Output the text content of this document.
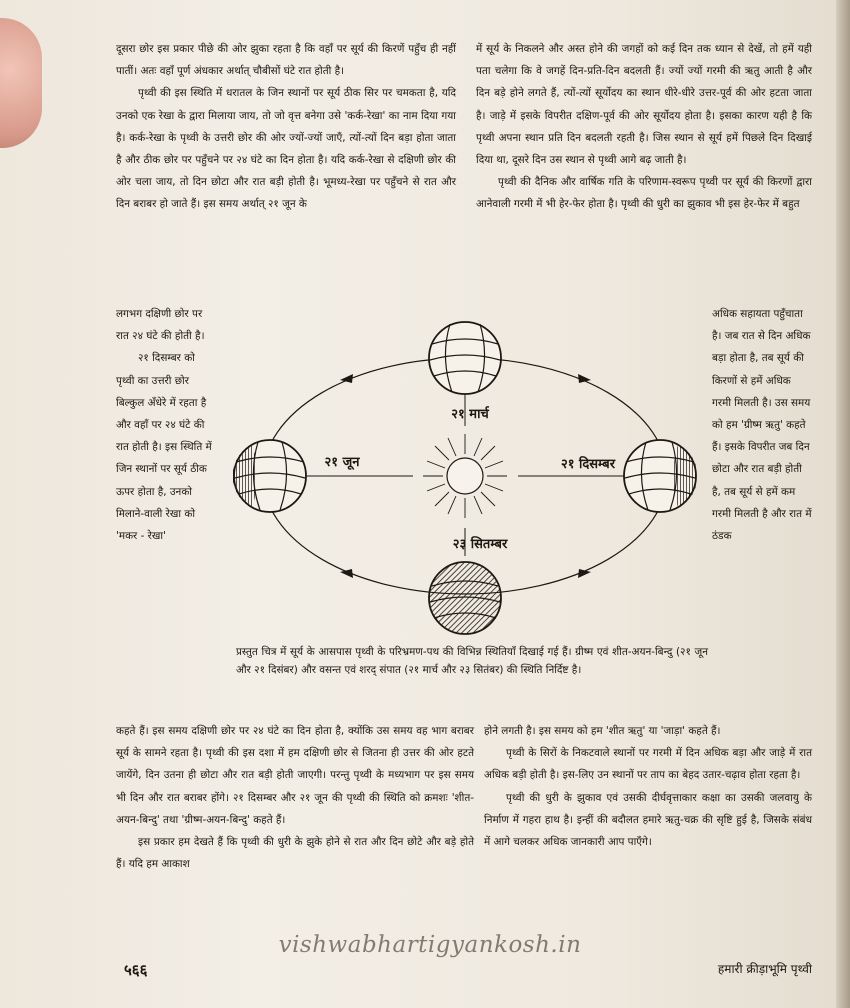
दूसरा छोर इस प्रकार पीछे की ओर झुका रहता है कि वहाँ पर सूर्य की किरणें पहुँच ही नहीं पातीं। अतः वहाँ पूर्ण अंधकार अर्थात् चौबीसों घंटे रात होती है।

पृथ्वी की इस स्थिति में धरातल के जिन स्थानों पर सूर्य ठीक सिर पर चमकता है, यदि उनको एक रेखा के द्वारा मिलाया जाय, तो जो वृत्त बनेगा उसे 'कर्क-रेखा' का नाम दिया गया है। कर्क-रेखा के पृथ्वी के उत्तरी छोर की ओर ज्यों-ज्यों जाएँ, त्यों-त्यों दिन बड़ा होता जाता है और ठीक छोर पर पहुँचने पर २४ घंटे का दिन होता है। यदि कर्क-रेखा से दक्षिणी छोर की ओर चला जाय, तो दिन छोटा और रात बड़ी होती है। भूमध्य-रेखा पर पहुँचने से रात और दिन बराबर हो जाते हैं। इस समय अर्थात् २१ जून के

में सूर्य के निकलने और अस्त होने की जगहों को कई दिन तक ध्यान से देखें, तो हमें यही पता चलेगा कि वे जगहें दिन-प्रति-दिन बदलती हैं। ज्यों ज्यों गरमी की ऋतु आती है और दिन बड़े होने लगते हैं, त्यों-त्यों सूर्योदय का स्थान धीरे-धीरे उत्तर-पूर्व की ओर हटता जाता है। जाड़े में इसके विपरीत दक्षिण-पूर्व की ओर सूर्योदय होता है। इसका कारण यही है कि पृथ्वी अपना स्थान प्रति दिन बदलती रहती है। जिस स्थान से सूर्य हमें पिछले दिन दिखाई दिया था, दूसरे दिन उस स्थान से पृथ्वी आगे बढ़ जाती है।

पृथ्वी की दैनिक और वार्षिक गति के परिणाम-स्वरूप पृथ्वी पर सूर्य की किरणों द्वारा आनेवाली गरमी में भी हेर-फेर होता है। पृथ्वी की धुरी का झुकाव भी इस हेर-फेर में बहुत

लगभग दक्षिणी छोर पर रात २४ घंटे की होती है।

२१ दिसम्बर को पृथ्वी का उत्तरी छोर बिल्कुल अँधेरे में रहता है और वहाँ पर २४ घंटे की रात होती है। इस स्थिति में जिन स्थानों पर सूर्य ठीक ऊपर होता है, उनको मिलाने-वाली रेखा को 'मकर - रेखा'

अधिक सहायता पहुँचाता है। जब रात से दिन अधिक बड़ा होता है, तब सूर्य की किरणों से हमें अधिक गरमी मिलती है। उस समय को हम 'ग्रीष्म ऋतु' कहते हैं। इसके विपरीत जब दिन छोटा और रात बड़ी होती है, तब सूर्य से हमें कम गरमी मिलती है और रात में ठंडक

२१ मार्च
२१ जून	२१ दिसम्बर
२३ सितम्बर
प्रस्तुत चित्र में सूर्य के आसपास पृथ्वी के परिभ्रमण-पथ की विभिन्न स्थितियाँ दिखाई गई हैं। ग्रीष्म एवं शीत-अयन-बिन्दु (२१ जून और २१ दिसंबर) और वसन्त एवं शरद् संपात (२१ मार्च और २३ सितंबर) की स्थिति निर्दिष्ट है।

कहते हैं। इस समय दक्षिणी छोर पर २४ घंटे का दिन होता है, क्योंकि उस समय वह भाग बराबर सूर्य के सामने रहता है। पृथ्वी की इस दशा में हम दक्षिणी छोर से जितना ही उत्तर की ओर हटते जायेंगे, दिन उतना ही छोटा और रात बड़ी होती जाएगी। परन्तु पृथ्वी के मध्यभाग पर इस समय भी दिन और रात बराबर होंगे। २१ दिसम्बर और २१ जून की पृथ्वी की स्थिति को क्रमशः 'शीत-अयन-बिन्दु' तथा 'ग्रीष्म-अयन-बिन्दु' कहते हैं।

इस प्रकार हम देखते हैं कि पृथ्वी की धुरी के झुके होने से रात और दिन छोटे और बड़े होते हैं। यदि हम आकाश

होने लगती है। इस समय को हम 'शीत ऋतु' या 'जाड़ा' कहते हैं।

पृथ्वी के सिरों के निकटवाले स्थानों पर गरमी में दिन अधिक बड़ा और जाड़े में रात अधिक बड़ी होती है। इस-लिए उन स्थानों पर ताप का बेहद उतार-चढ़ाव होता रहता है।

पृथ्वी की धुरी के झुकाव एवं उसकी दीर्घवृत्ताकार कक्षा का उसकी जलवायु के निर्माण में गहरा हाथ है। इन्हीं की बदौलत हमारे ऋतु-चक्र की सृष्टि हुई है, जिसके संबंध में आगे चलकर अधिक जानकारी आप पाएँगे।

vishwabhartigyankosh.in
५६६	हमारी क्रीड़ाभूमि पृथ्वी
